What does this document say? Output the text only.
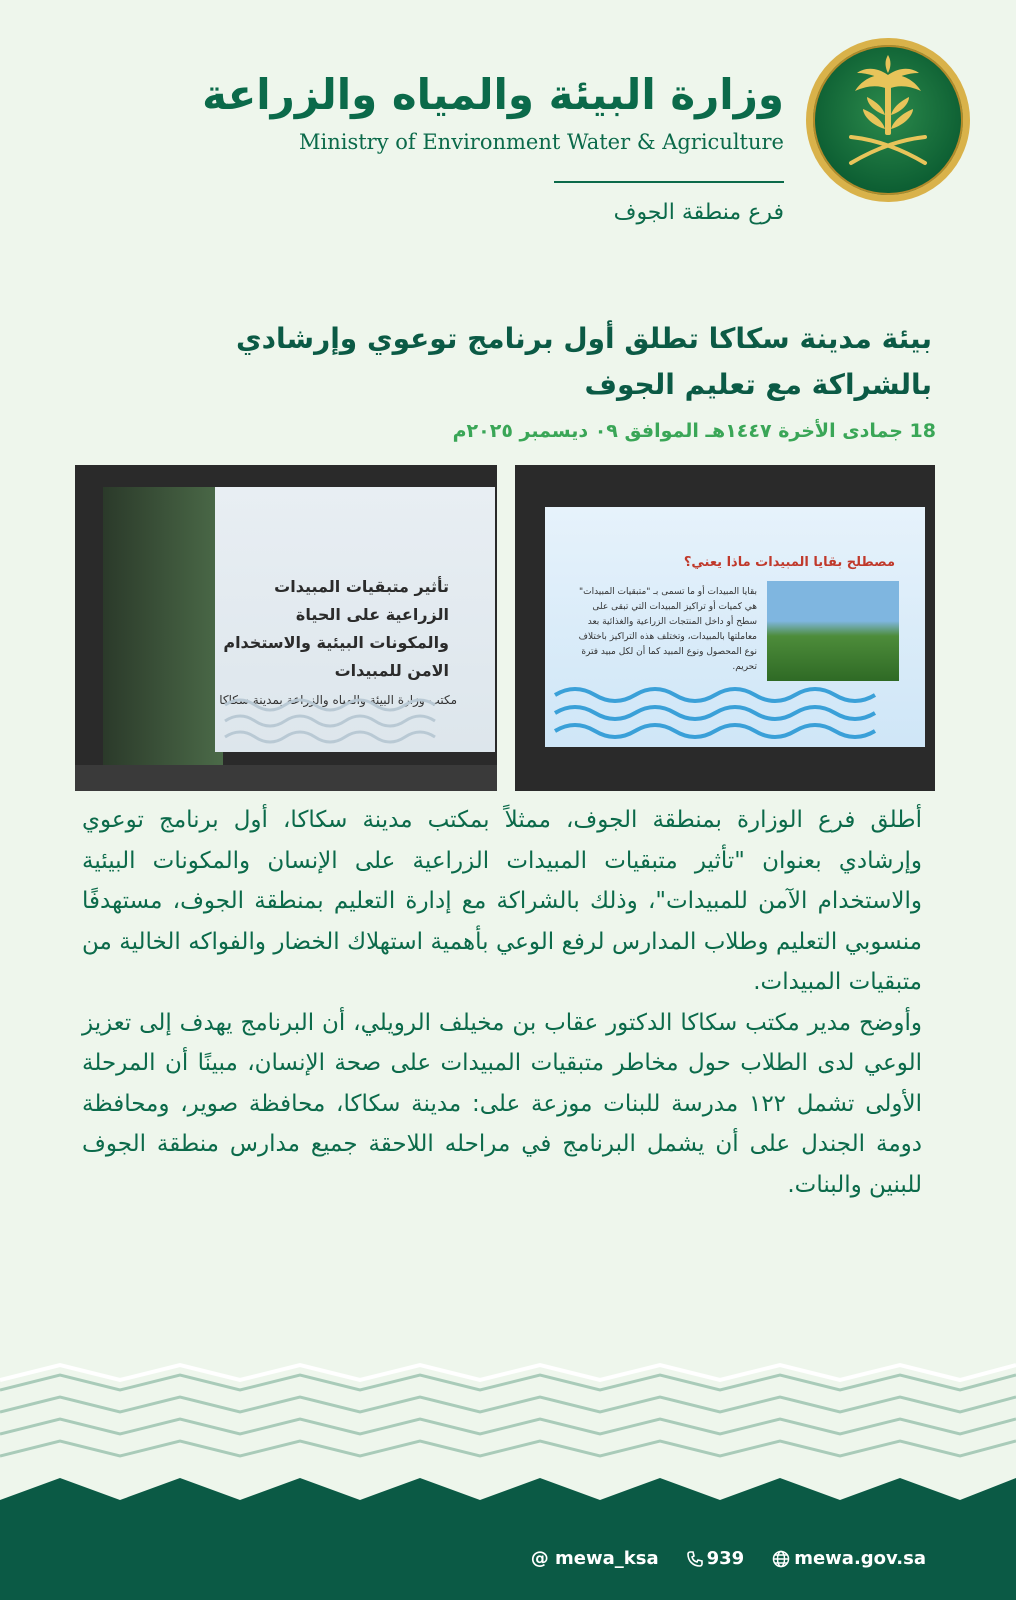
وزارة البيئة والمياه والزراعة
Ministry of Environment Water & Agriculture
فرع منطقة الجوف
بيئة مدينة سكاكا تطلق أول برنامج توعوي وإرشادي
بالشراكة مع تعليم الجوف
18 جمادى الأخرة ١٤٤٧هـ الموافق ٠٩ ديسمبر ٢٠٢٥م
تأثير متبقيات المبيدات الزراعية على الحياة والمكونات البيئية والاستخدام الامن للمبيدات
مكتب وزارة البيئة والمياه والزراعة بمدينة سكاكا
مصطلح بقايا المبيدات ماذا يعني؟
بقايا المبيدات أو ما تسمى بـ "متبقيات المبيدات" هي كميات أو تراكيز المبيدات التي تبقى على سطح أو داخل المنتجات الزراعية والغذائية بعد معاملتها بالمبيدات، وتختلف هذه التراكيز باختلاف نوع المحصول ونوع المبيد كما أن لكل مبيد فترة تحريم.

أطلق فرع الوزارة بمنطقة الجوف، ممثلاً بمكتب مدينة سكاكا، أول برنامج توعوي وإرشادي بعنوان "تأثير متبقيات المبيدات الزراعية على الإنسان والمكونات البيئية والاستخدام الآمن للمبيدات"، وذلك بالشراكة مع إدارة التعليم بمنطقة الجوف، مستهدفًا منسوبي التعليم وطلاب المدارس لرفع الوعي بأهمية استهلاك الخضار والفواكه الخالية من متبقيات المبيدات.

وأوضح مدير مكتب سكاكا الدكتور عقاب بن مخيلف الرويلي، أن البرنامج يهدف إلى تعزيز الوعي لدى الطلاب حول مخاطر متبقيات المبيدات على صحة الإنسان، مبينًا أن المرحلة الأولى تشمل ١٢٢ مدرسة للبنات موزعة على: مدينة سكاكا، محافظة صوير، ومحافظة دومة الجندل على أن يشمل البرنامج في مراحله اللاحقة جميع مدارس منطقة الجوف للبنين والبنات.

@ mewa_ksa	939	mewa.gov.sa
